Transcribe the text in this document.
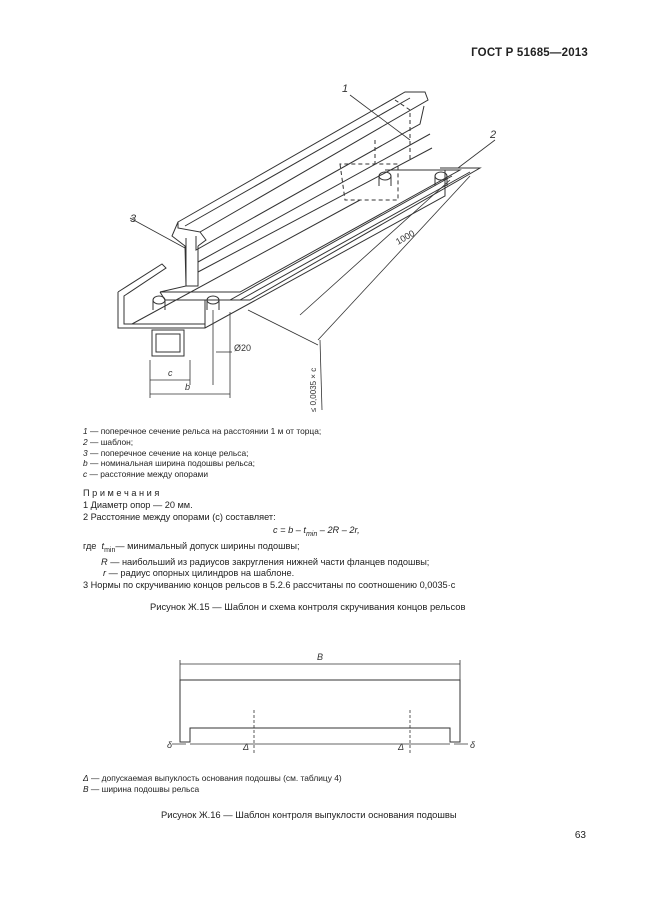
ГОСТ Р 51685—2013
1
2
3
1000
Ø20
c
b	≤ 0,0035 × c
1 — поперечное сечение рельса на расстоянии 1 м от торца;
2 — шаблон;
3 — поперечное сечение на конце рельса;
b — номинальная ширина подошвы рельса;
c — расстояние между опорами
П р и м е ч а н и я
1 Диаметр опор — 20 мм.
2 Расстояние между опорами (c) составляет:
$c = b - t_{min} - 2R - 2r$,
где $t_{min}—$ минимальный допуск ширины подошвы;
R — наибольший из радиусов закругления нижней части фланцев подошвы;
r — радиус опорных цилиндров на шаблоне.
3 Нормы по скручиванию концов рельсов в 5.2.6 рассчитаны по соотношению 0,0035·c
Рисунок Ж.15 — Шаблон и схема контроля скручивания концов рельсов
B
δ	δ
Δ	Δ
Δ — допускаемая выпуклость основания подошвы (см. таблицу 4)
B — ширина подошвы рельса
Рисунок Ж.16 — Шаблон контроля выпуклости основания подошвы
63
